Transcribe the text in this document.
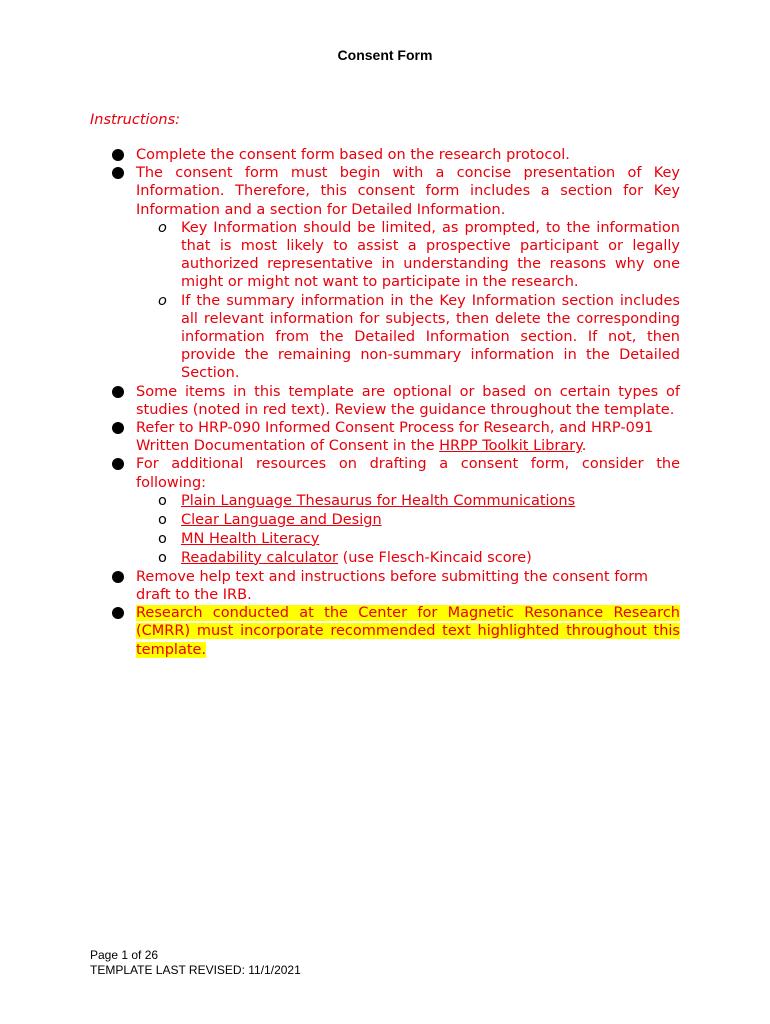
Consent Form
Instructions:
Complete the consent form based on the research protocol.
The consent form must begin with a concise presentation of Key Information. Therefore, this consent form includes a section for Key Information and a section for Detailed Information.
o Key Information should be limited, as prompted, to the information that is most likely to assist a prospective participant or legally authorized representative in understanding the reasons why one might or might not want to participate in the research.
o If the summary information in the Key Information section includes all relevant information for subjects, then delete the corresponding information from the Detailed Information section. If not, then provide the remaining non-summary information in the Detailed Section.
Some items in this template are optional or based on certain types of studies (noted in red text). Review the guidance throughout the template.
Refer to HRP-090 Informed Consent Process for Research, and HRP-091 Written Documentation of Consent in the HRPP Toolkit Library.
For additional resources on drafting a consent form, consider the following:
o Plain Language Thesaurus for Health Communications
o Clear Language and Design
o MN Health Literacy
o Readability calculator (use Flesch-Kincaid score)
Remove help text and instructions before submitting the consent form draft to the IRB.
Research conducted at the Center for Magnetic Resonance Research (CMRR) must incorporate recommended text highlighted throughout this template.
Page 1 of 26
TEMPLATE LAST REVISED: 11/1/2021
